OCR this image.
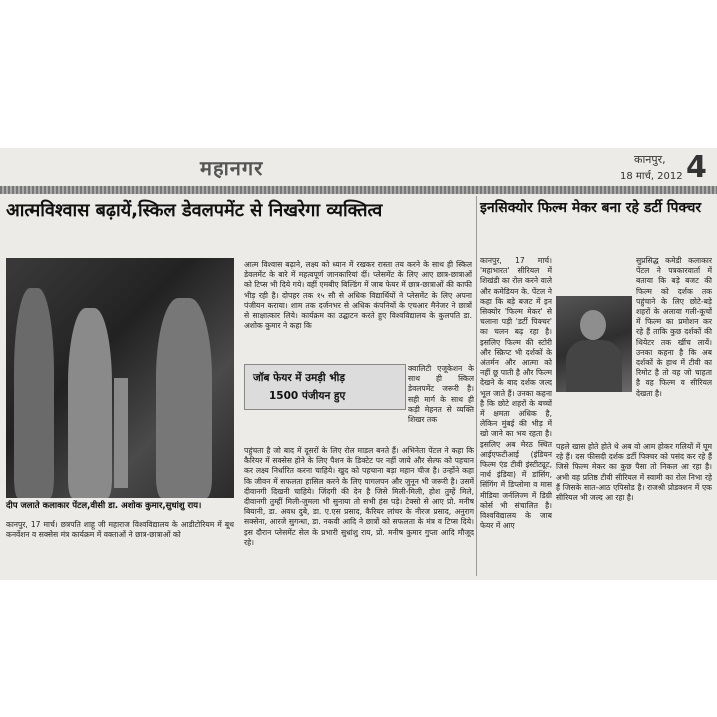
महानगर	कानपुर,
18 मार्च, 2012 4
आत्मविश्वास बढ़ायें,स्किल डेवलपमेंट से निखरेगा व्यक्तित्व	इनसिक्योर फिल्म मेकर बना रहे डर्टी पिक्चर
दीप जलाते कलाकार पेंटल,वीसी डा. अशोक कुमार,सुधांशु राय।
कानपुर, 17 मार्च। छत्रपति शाहू जी महाराज विश्वविद्यालय के आडीटोरियम में बूथ कनर्वेशन व सक्सेस मंत्र कार्यक्रम में वक्ताओं ने छात्र-छात्राओं को
आत्म विश्वास बढ़ाने, लक्ष्य को ध्यान में रखकर रास्ता तय करने के साथ ही स्किल डेवलमेंट के बारे में महत्वपूर्ण जानकारियां दीं। प्लेसमेंट के लिए आए छात्र-छात्राओं को टिप्स भी दिये गये। वहीं एमबीए बिल्डिंग में जाब फेयर में छात्र-छात्राओं की काफी भीड़ रही है। दोपहर तक १५ सौ से अधिक विद्यार्थियों ने प्लेसमेंट के लिए अपना पंजीयन कराया। शाम तक दर्जनभर से अधिक कंपनियों के एचआर मैनेजर ने छात्रों से साक्षात्कार लिये। कार्यक्रम का उद्घाटन करते हुए विश्वविद्यालय के कुलपति डा. अशोक कुमार ने कहा कि
जॉब फेयर में उमड़ी भीड़
1500 पंजीयन हुए
क्वालिटी एजूकेशन के साथ ही स्किल डेवलपमेंट जरूरी है। सही मार्ग के साथ ही कड़ी मेहनत से व्यक्ति शिखर तक
पहुंचता है जो बाद में दूसरों के लिए रोल माडल बनते हैं। अभिनेता पेंटल ने कहा कि कैरियर में सक्सेस होने के लिए पैशन के डिक्टेट पर नहीं जाये और सेल्फ को पहचान कर लक्ष्य निर्धारित करना चाहिये। खुद को पहचाना बड़ा महान चीज है। उन्होंने कहा कि जीवन में सफलता हासिल करने के लिए पागलपन और जुनून भी जरूरी है। उसमें दीवानगी दिखनी चाहिये। जिंदगी की देन है जिसे मिली-मिली, होश तुम्हें मिले, दीवानगी तुम्हीं मिली-जुमला भी सुनाया तो सभी हंस पड़े। टेक्सो से आए प्रो. मनीष बियानी, डा. अवध दुबे, डा. ए.एस प्रसाद, कैरियर लांचर के नीरज प्रसाद, अनुराग सक्सेना, आरजे सुगन्धा, डा. नकवी आदि ने छात्रों को सफलता के मंत्र व टिप्स दिये। इस दौरान प्लेसमेंट सेल के प्रभारी सुधांशु राय, प्रो. मनीष कुमार गुप्ता आदि मौजूद रहे।
कानपुर, 17 मार्च। 'महाभारत' सीरियल में शिखंडी का रोल करने वाले और कमेडियन के. पेंटल ने कहा कि बड़े बजट में इन सिक्योर 'फिल्म मेकर' से चलाना पड़ी 'डर्टी पिक्चर' का चलन बढ़ रहा है। इसलिए फिल्म की स्टोरी और स्क्रिप्ट भी दर्शकों के अंतर्मन और आत्मा को नहीं छू पाती है और फिल्म देखने के बाद दर्शक जल्द भूल जाते हैं। उनका कहना है कि छोटे शहरों के बच्चों में क्षमता अधिक है, लेकिन मुंबई की भीड़ में खो जाने का भय रहता है। इसलिए अब मेरठ स्थित आईएफटीआई (इंडियन फिल्म एंड टीवी इंस्टीट्यूट, नार्थ इंडिया) में डांसिंग, सिंगिंग में डिप्लोमा व मास मीडिया जर्नलिज्म में डिग्री कोर्स भी संचालित है। विश्वविद्यालय के जाब फेयर में आए
सुप्रसिद्ध कमेडी कलाकार पेंटल ने पत्रकारवार्ता में बताया कि बड़े बजट की फिल्म को दर्शक तक पहुंचाने के लिए छोटे-बड़े शहरों के अलावा गली-कूचों में फिल्म का प्रमोशन कर रहे हैं ताकि कुछ दर्शकों की थियेटर तक खींच लायें। उनका कहना है कि अब दर्शकों के हाथ में टीवी का रिमोट है तो वह जो चाहता है वह फिल्म व सीरियल देखता है।
पहले खास होते होते थे अब वो आम होकर गलियों में घूम रहे हैं। दस फीसदी दर्शक डर्टी पिक्चर को पसंद कर रहे हैं जिसे फिल्म मेकर का कुछ पैसा तो निकल आ रहा है। अभी वह प्रतिष्ठ टीवी सीरियल में स्वामी का रोल निभा रहे हैं जिसके सात-आठ एपिसोड है। राजश्री प्रोडक्शन में एक सीरियल भी जल्द आ रहा है।
